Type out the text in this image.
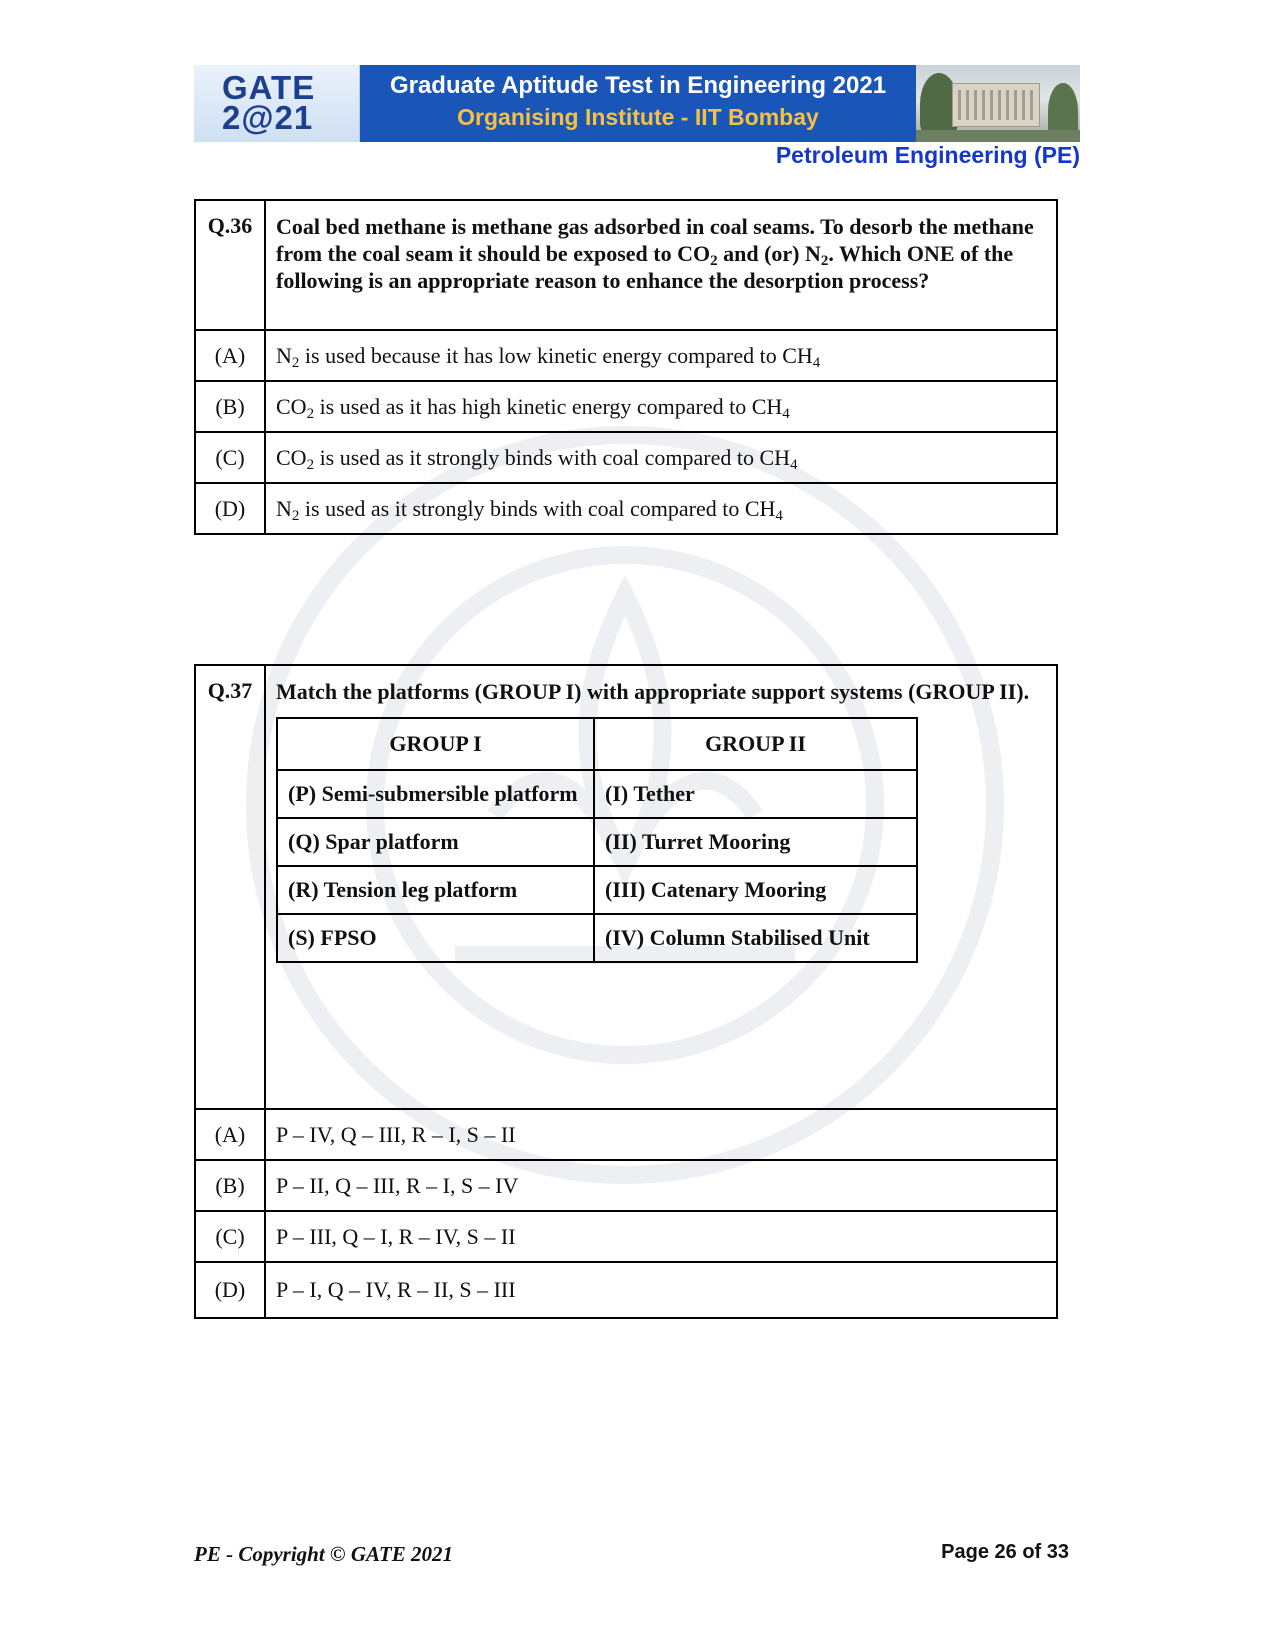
GATE
2@21
Graduate Aptitude Test in Engineering 2021
Organising Institute - IIT Bombay
Petroleum Engineering (PE)
Q.36	Coal bed methane is methane gas adsorbed in coal seams. To desorb the methane from the coal seam it should be exposed to $CO_2$ and (or) $N_2$. Which ONE of the following is an appropriate reason to enhance the desorption process?
(A)	$N_2$ is used because it has low kinetic energy compared to $CH_4$
(B)	$CO_2$ is used as it has high kinetic energy compared to $CH_4$
(C)	$CO_2$ is used as it strongly binds with coal compared to $CH_4$
(D)	$N_2$ is used as it strongly binds with coal compared to $CH_4$
Q.37	Match the platforms (GROUP I) with appropriate support systems (GROUP II).
GROUP I	GROUP II
(P) Semi-submersible platform	(I) Tether
(Q) Spar platform	(II) Turret Mooring
(R) Tension leg platform	(III) Catenary Mooring
(S) FPSO	(IV) Column Stabilised Unit

(A)	P – IV, Q – III, R – I, S – II
(B)	P – II, Q – III, R – I, S – IV
(C)	P – III, Q – I, R – IV, S – II
(D)	P – I, Q – IV, R – II, S – III
PE - Copyright © GATE 2021	Page 26 of 33
